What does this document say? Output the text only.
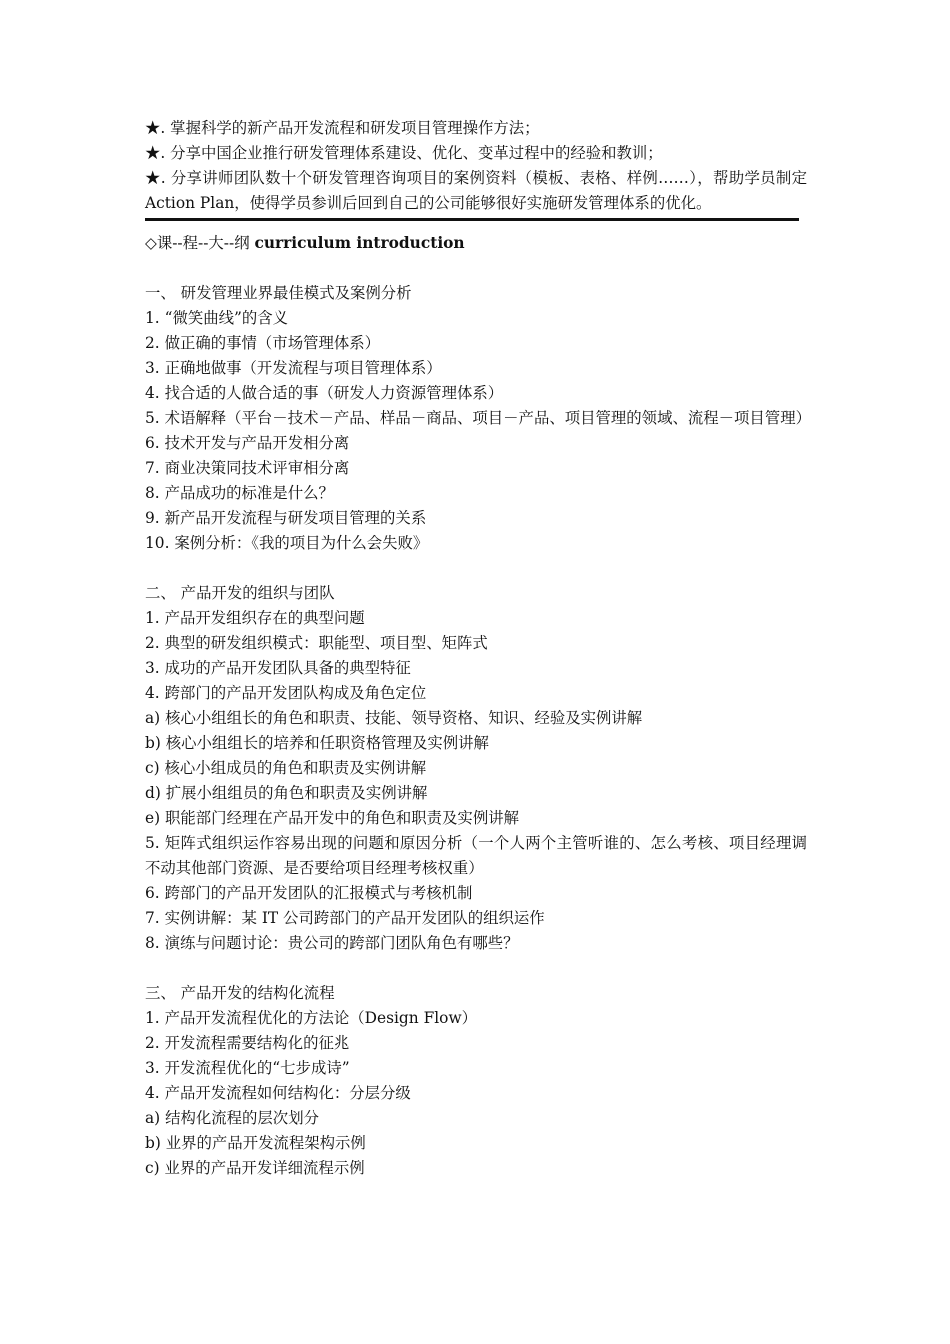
★. 掌握科学的新产品开发流程和研发项目管理操作方法；
★. 分享中国企业推行研发管理体系建设、优化、变革过程中的经验和教训；
★. 分享讲师团队数十个研发管理咨询项目的案例资料（模板、表格、样例……），帮助学员制定 Action Plan，使得学员参训后回到自己的公司能够很好实施研发管理体系的优化。
◇课--程--大--纲 curriculum introduction
一、 研发管理业界最佳模式及案例分析
1. “微笑曲线”的含义
2. 做正确的事情（市场管理体系）
3. 正确地做事（开发流程与项目管理体系）
4. 找合适的人做合适的事（研发人力资源管理体系）
5. 术语解释（平台－技术－产品、样品－商品、项目－产品、项目管理的领域、流程－项目管理）
6. 技术开发与产品开发相分离
7. 商业决策同技术评审相分离
8. 产品成功的标准是什么？
9. 新产品开发流程与研发项目管理的关系
10. 案例分析：《我的项目为什么会失败》
二、 产品开发的组织与团队
1. 产品开发组织存在的典型问题
2. 典型的研发组织模式：职能型、项目型、矩阵式
3. 成功的产品开发团队具备的典型特征
4. 跨部门的产品开发团队构成及角色定位
a) 核心小组组长的角色和职责、技能、领导资格、知识、经验及实例讲解
b) 核心小组组长的培养和任职资格管理及实例讲解
c) 核心小组成员的角色和职责及实例讲解
d) 扩展小组组员的角色和职责及实例讲解
e) 职能部门经理在产品开发中的角色和职责及实例讲解
5. 矩阵式组织运作容易出现的问题和原因分析（一个人两个主管听谁的、怎么考核、项目经理调不动其他部门资源、是否要给项目经理考核权重）
6. 跨部门的产品开发团队的汇报模式与考核机制
7. 实例讲解：某 IT 公司跨部门的产品开发团队的组织运作
8. 演练与问题讨论：贵公司的跨部门团队角色有哪些？
三、 产品开发的结构化流程
1. 产品开发流程优化的方法论（Design Flow）
2. 开发流程需要结构化的征兆
3. 开发流程优化的“七步成诗”
4. 产品开发流程如何结构化：分层分级
a) 结构化流程的层次划分
b) 业界的产品开发流程架构示例
c) 业界的产品开发详细流程示例
